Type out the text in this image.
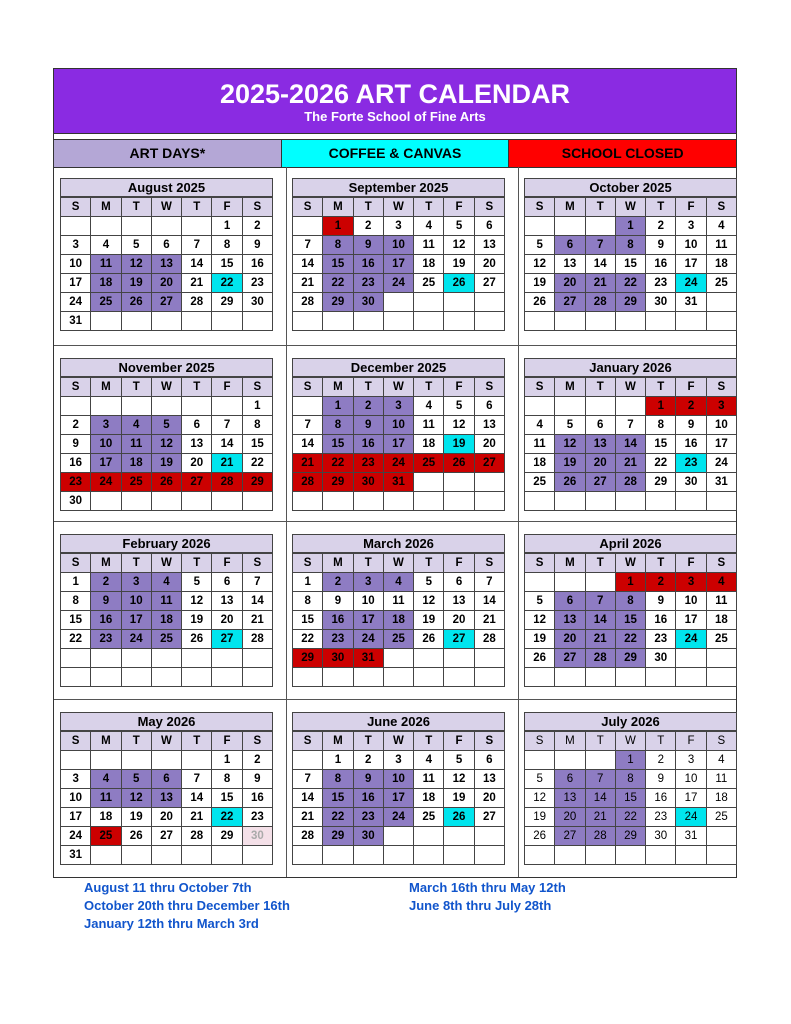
2025-2026 ART CALENDAR
The Forte School of Fine Arts
ART DAYS*	COFFEE & CANVAS	SCHOOL CLOSED
August 2025
S	M	T	W	T	F	S
					1	2
3	4	5	6	7	8	9
10	11	12	13	14	15	16
17	18	19	20	21	22	23
24	25	26	27	28	29	30
31						
September 2025
S	M	T	W	T	F	S
	1	2	3	4	5	6
7	8	9	10	11	12	13
14	15	16	17	18	19	20
21	22	23	24	25	26	27
28	29	30				

October 2025
S	M	T	W	T	F	S
			1	2	3	4
5	6	7	8	9	10	11
12	13	14	15	16	17	18
19	20	21	22	23	24	25
26	27	28	29	30	31	

November 2025
S	M	T	W	T	F	S
						1
2	3	4	5	6	7	8
9	10	11	12	13	14	15
16	17	18	19	20	21	22
23	24	25	26	27	28	29
30						
December 2025
S	M	T	W	T	F	S
	1	2	3	4	5	6
7	8	9	10	11	12	13
14	15	16	17	18	19	20
21	22	23	24	25	26	27
28	29	30	31			

January 2026
S	M	T	W	T	F	S
				1	2	3
4	5	6	7	8	9	10
11	12	13	14	15	16	17
18	19	20	21	22	23	24
25	26	27	28	29	30	31

February 2026
S	M	T	W	T	F	S
1	2	3	4	5	6	7
8	9	10	11	12	13	14
15	16	17	18	19	20	21
22	23	24	25	26	27	28

March 2026
S	M	T	W	T	F	S
1	2	3	4	5	6	7
8	9	10	11	12	13	14
15	16	17	18	19	20	21
22	23	24	25	26	27	28
29	30	31				

April 2026
S	M	T	W	T	F	S
			1	2	3	4
5	6	7	8	9	10	11
12	13	14	15	16	17	18
19	20	21	22	23	24	25
26	27	28	29	30		

May 2026
S	M	T	W	T	F	S
					1	2
3	4	5	6	7	8	9
10	11	12	13	14	15	16
17	18	19	20	21	22	23
24	25	26	27	28	29	30
31						
June 2026
S	M	T	W	T	F	S
	1	2	3	4	5	6
7	8	9	10	11	12	13
14	15	16	17	18	19	20
21	22	23	24	25	26	27
28	29	30				

July 2026
S	M	T	W	T	F	S
			1	2	3	4
5	6	7	8	9	10	11
12	13	14	15	16	17	18
19	20	21	22	23	24	25
26	27	28	29	30	31	

August 11 thru October 7th
October 20th thru December 16th
January 12th thru March 3rd
March 16th thru May 12th
June 8th thru July 28th
